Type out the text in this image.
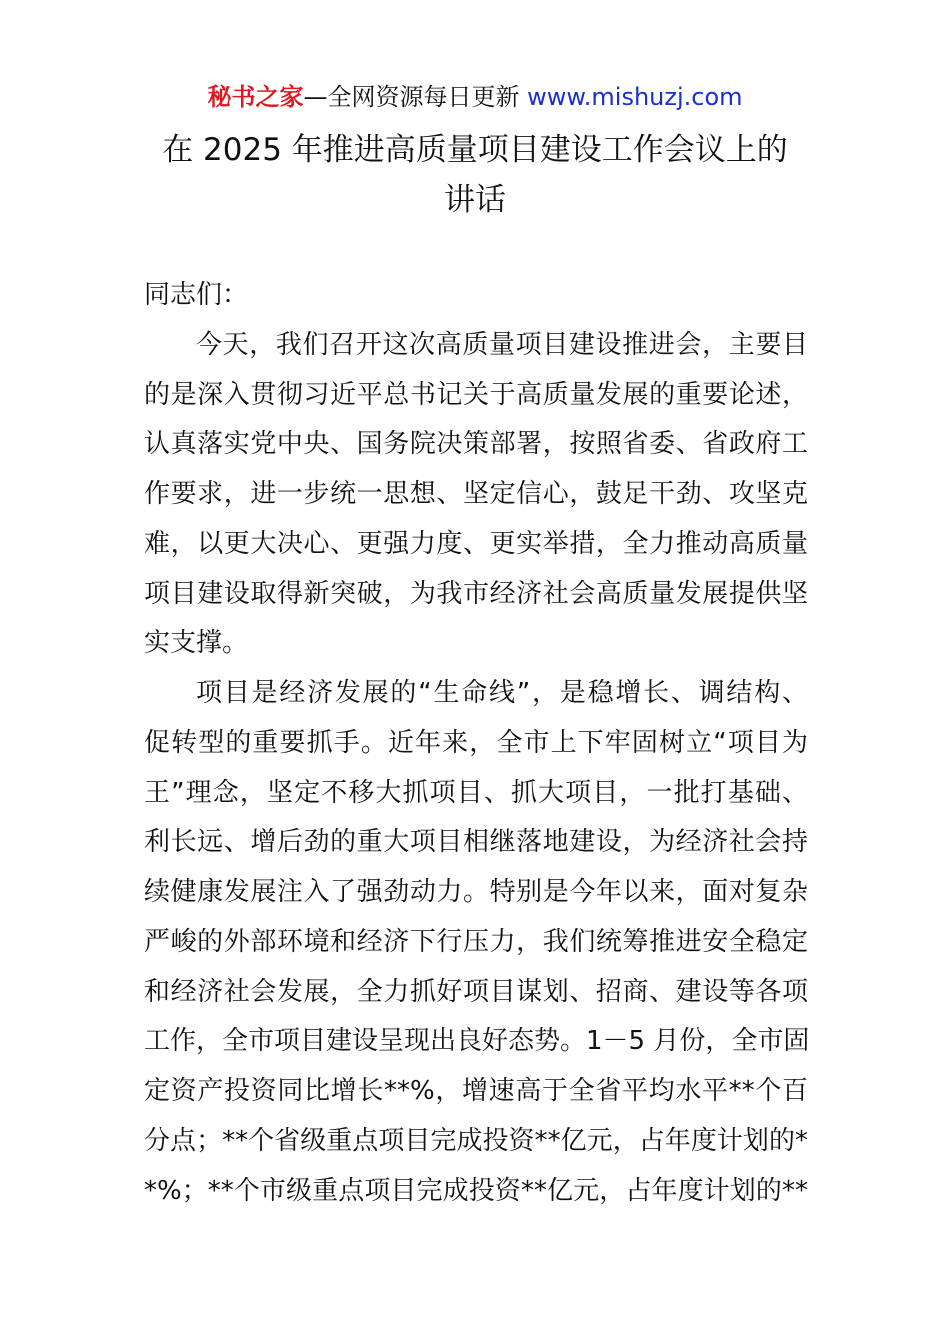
秘书之家—全网资源每日更新 www.mishuzj.com
在 2025 年推进高质量项目建设工作会议上的
讲话
同志们：
今天，我们召开这次高质量项目建设推进会，主要目
的是深入贯彻习近平总书记关于高质量发展的重要论述，
认真落实党中央、国务院决策部署，按照省委、省政府工
作要求，进一步统一思想、坚定信心，鼓足干劲、攻坚克
难，以更大决心、更强力度、更实举措，全力推动高质量
项目建设取得新突破，为我市经济社会高质量发展提供坚
实支撑。
项目是经济发展的“生命线”，是稳增长、调结构、
促转型的重要抓手。近年来，全市上下牢固树立“项目为
王”理念，坚定不移大抓项目、抓大项目，一批打基础、
利长远、增后劲的重大项目相继落地建设，为经济社会持
续健康发展注入了强劲动力。特别是今年以来，面对复杂
严峻的外部环境和经济下行压力，我们统筹推进安全稳定
和经济社会发展，全力抓好项目谋划、招商、建设等各项
工作，全市项目建设呈现出良好态势。1－5 月份，全市固
定资产投资同比增长**%，增速高于全省平均水平**个百
分点；**个省级重点项目完成投资**亿元，占年度计划的*
*%；**个市级重点项目完成投资**亿元，占年度计划的**
